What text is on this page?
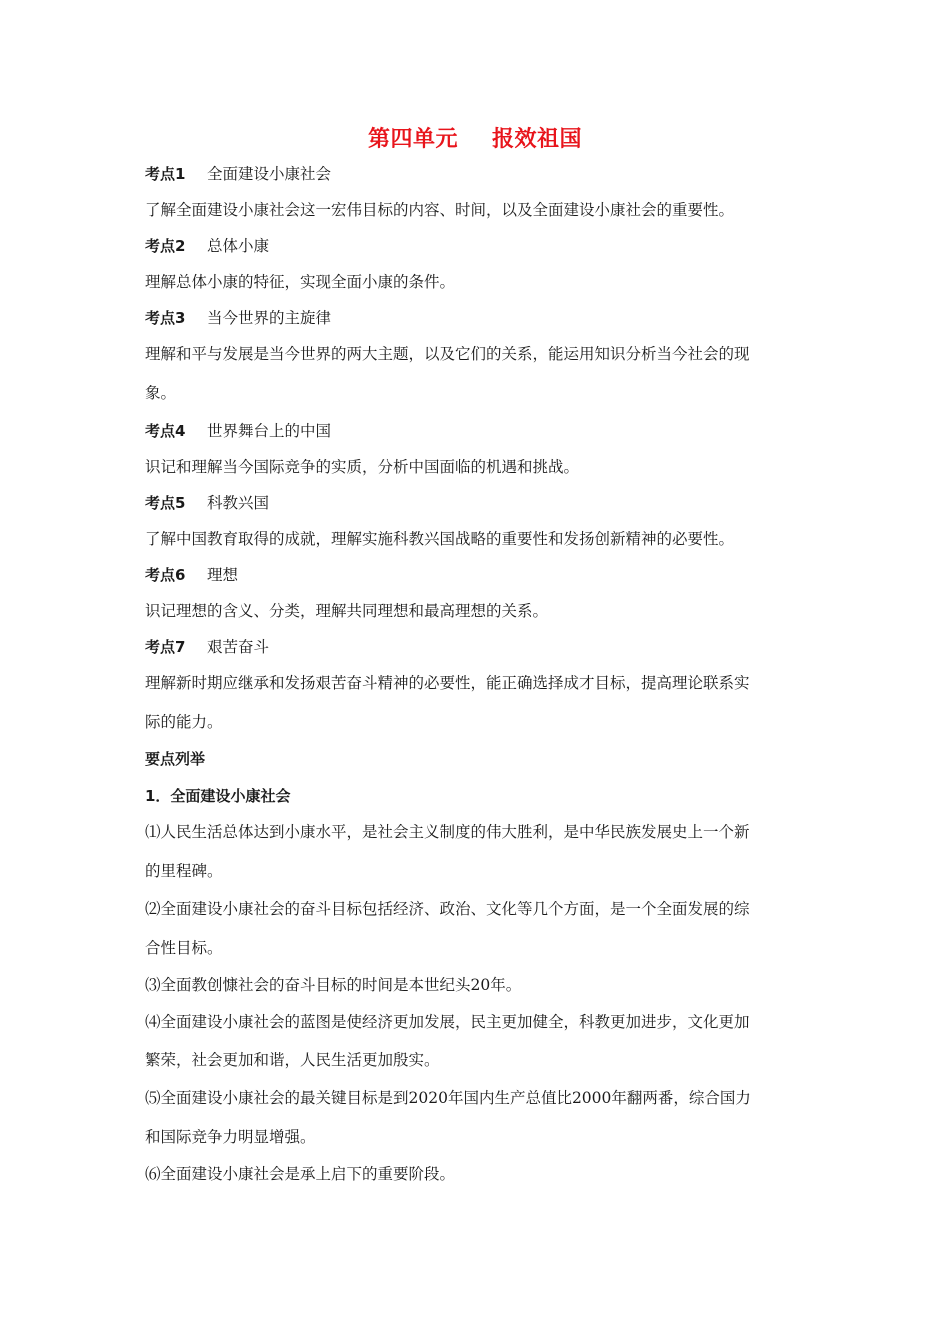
第四单元 报效祖国
考点1 全面建设小康社会
了解全面建设小康社会这一宏伟目标的内容、时间，以及全面建设小康社会的重要性。
考点2 总体小康
理解总体小康的特征，实现全面小康的条件。
考点3 当今世界的主旋律
理解和平与发展是当今世界的两大主题，以及它们的关系，能运用知识分析当今社会的现
象。
考点4 世界舞台上的中国
识记和理解当今国际竞争的实质，分析中国面临的机遇和挑战。
考点5 科教兴国
了解中国教育取得的成就，理解实施科教兴国战略的重要性和发扬创新精神的必要性。
考点6 理想
识记理想的含义、分类，理解共同理想和最高理想的关系。
考点7 艰苦奋斗
理解新时期应继承和发扬艰苦奋斗精神的必要性，能正确选择成才目标，提高理论联系实
际的能力。
要点列举
1．全面建设小康社会
⑴人民生活总体达到小康水平，是社会主义制度的伟大胜利，是中华民族发展史上一个新
的里程碑。
⑵全面建设小康社会的奋斗目标包括经济、政治、文化等几个方面，是一个全面发展的综
合性目标。
⑶全面教创慷社会的奋斗目标的时间是本世纪头20年。
⑷全面建设小康社会的蓝图是使经济更加发展，民主更加健全，科教更加进步，文化更加
繁荣，社会更加和谐，人民生活更加殷实。
⑸全面建设小康社会的最关键目标是到2020年国内生产总值比2000年翻两番，综合国力
和国际竞争力明显增强。
⑹全面建设小康社会是承上启下的重要阶段。
